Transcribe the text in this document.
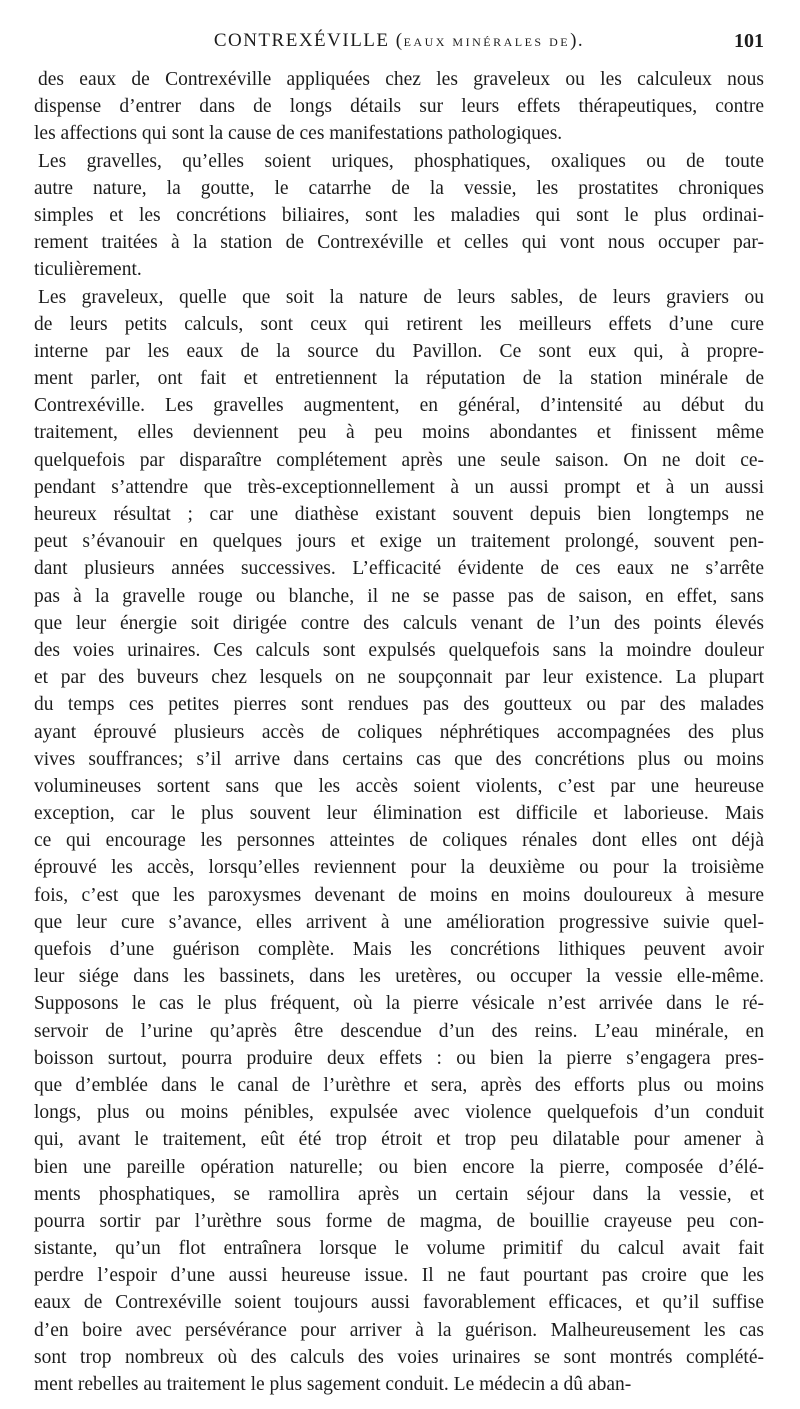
CONTREXÉVILLE (EAUX MINÉRALES DE).	101
des eaux de Contrexéville appliquées chez les graveleux ou les calculeux nous
dispense d’entrer dans de longs détails sur leurs effets thérapeutiques, contre
les affections qui sont la cause de ces manifestations pathologiques.
Les gravelles, qu’elles soient uriques, phosphatiques, oxaliques ou de toute
autre nature, la goutte, le catarrhe de la vessie, les prostatites chroniques
simples et les concrétions biliaires, sont les maladies qui sont le plus ordinai-
rement traitées à la station de Contrexéville et celles qui vont nous occuper par-
ticulièrement.
Les graveleux, quelle que soit la nature de leurs sables, de leurs graviers ou
de leurs petits calculs, sont ceux qui retirent les meilleurs effets d’une cure
interne par les eaux de la source du Pavillon. Ce sont eux qui, à propre-
ment parler, ont fait et entretiennent la réputation de la station minérale de
Contrexéville. Les gravelles augmentent, en général, d’intensité au début du
traitement, elles deviennent peu à peu moins abondantes et finissent même
quelquefois par disparaître complétement après une seule saison. On ne doit ce-
pendant s’attendre que très-exceptionnellement à un aussi prompt et à un aussi
heureux résultat ; car une diathèse existant souvent depuis bien longtemps ne
peut s’évanouir en quelques jours et exige un traitement prolongé, souvent pen-
dant plusieurs années successives. L’efficacité évidente de ces eaux ne s’arrête
pas à la gravelle rouge ou blanche, il ne se passe pas de saison, en effet, sans
que leur énergie soit dirigée contre des calculs venant de l’un des points élevés
des voies urinaires. Ces calculs sont expulsés quelquefois sans la moindre douleur
et par des buveurs chez lesquels on ne soupçonnait par leur existence. La plupart
du temps ces petites pierres sont rendues pas des goutteux ou par des malades
ayant éprouvé plusieurs accès de coliques néphrétiques accompagnées des plus
vives souffrances; s’il arrive dans certains cas que des concrétions plus ou moins
volumineuses sortent sans que les accès soient violents, c’est par une heureuse
exception, car le plus souvent leur élimination est difficile et laborieuse. Mais
ce qui encourage les personnes atteintes de coliques rénales dont elles ont déjà
éprouvé les accès, lorsqu’elles reviennent pour la deuxième ou pour la troisième
fois, c’est que les paroxysmes devenant de moins en moins douloureux à mesure
que leur cure s’avance, elles arrivent à une amélioration progressive suivie quel-
quefois d’une guérison complète. Mais les concrétions lithiques peuvent avoir
leur siége dans les bassinets, dans les uretères, ou occuper la vessie elle-même.
Supposons le cas le plus fréquent, où la pierre vésicale n’est arrivée dans le ré-
servoir de l’urine qu’après être descendue d’un des reins. L’eau minérale, en
boisson surtout, pourra produire deux effets : ou bien la pierre s’engagera pres-
que d’emblée dans le canal de l’urèthre et sera, après des efforts plus ou moins
longs, plus ou moins pénibles, expulsée avec violence quelquefois d’un conduit
qui, avant le traitement, eût été trop étroit et trop peu dilatable pour amener à
bien une pareille opération naturelle; ou bien encore la pierre, composée d’élé-
ments phosphatiques, se ramollira après un certain séjour dans la vessie, et
pourra sortir par l’urèthre sous forme de magma, de bouillie crayeuse peu con-
sistante, qu’un flot entraînera lorsque le volume primitif du calcul avait fait
perdre l’espoir d’une aussi heureuse issue. Il ne faut pourtant pas croire que les
eaux de Contrexéville soient toujours aussi favorablement efficaces, et qu’il suffise
d’en boire avec persévérance pour arriver à la guérison. Malheureusement les cas
sont trop nombreux où des calculs des voies urinaires se sont montrés complété-
ment rebelles au traitement le plus sagement conduit. Le médecin a dû aban-
